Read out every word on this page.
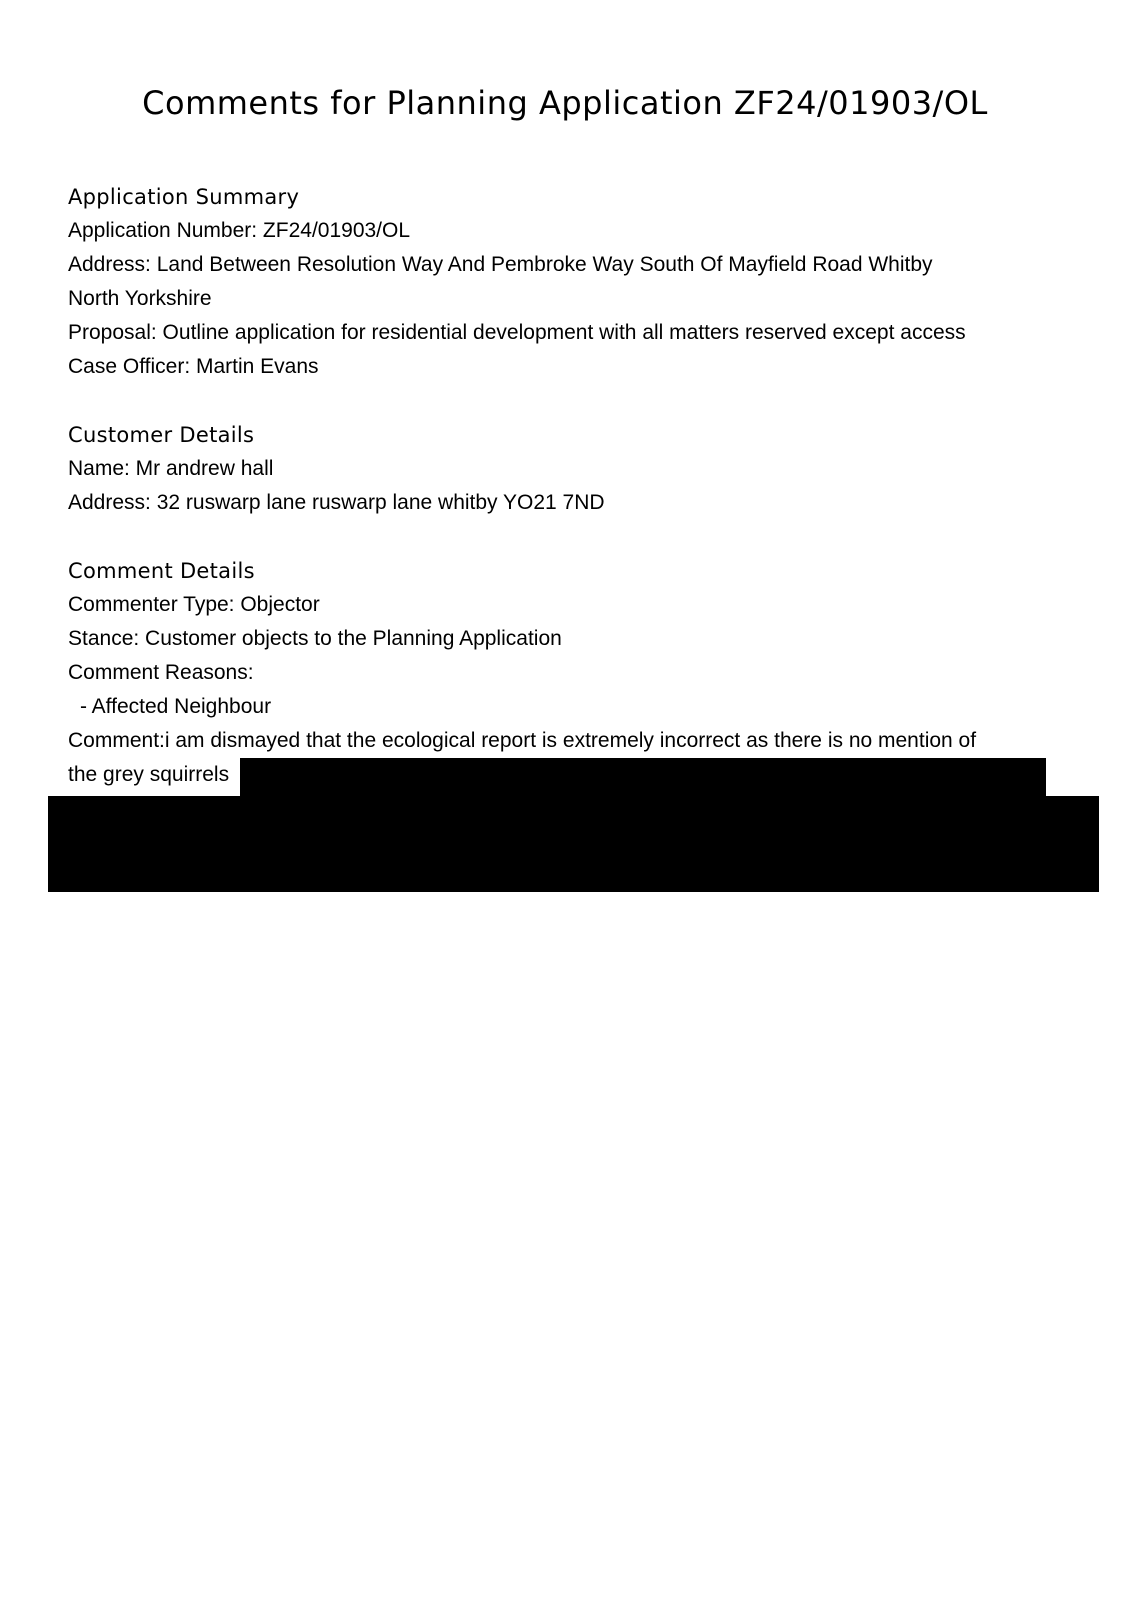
Comments for Planning Application ZF24/01903/OL
Application Summary

Application Number: ZF24/01903/OL

Address: Land Between Resolution Way And Pembroke Way South Of Mayfield Road Whitby

North Yorkshire

Proposal: Outline application for residential development with all matters reserved except access

Case Officer: Martin Evans

Customer Details

Name: Mr andrew hall

Address: 32 ruswarp lane ruswarp lane whitby YO21 7ND

Comment Details

Commenter Type: Objector

Stance: Customer objects to the Planning Application

Comment Reasons:

- Affected Neighbour

Comment:i am dismayed that the ecological report is extremely incorrect as there is no mention of

the grey squirrels
